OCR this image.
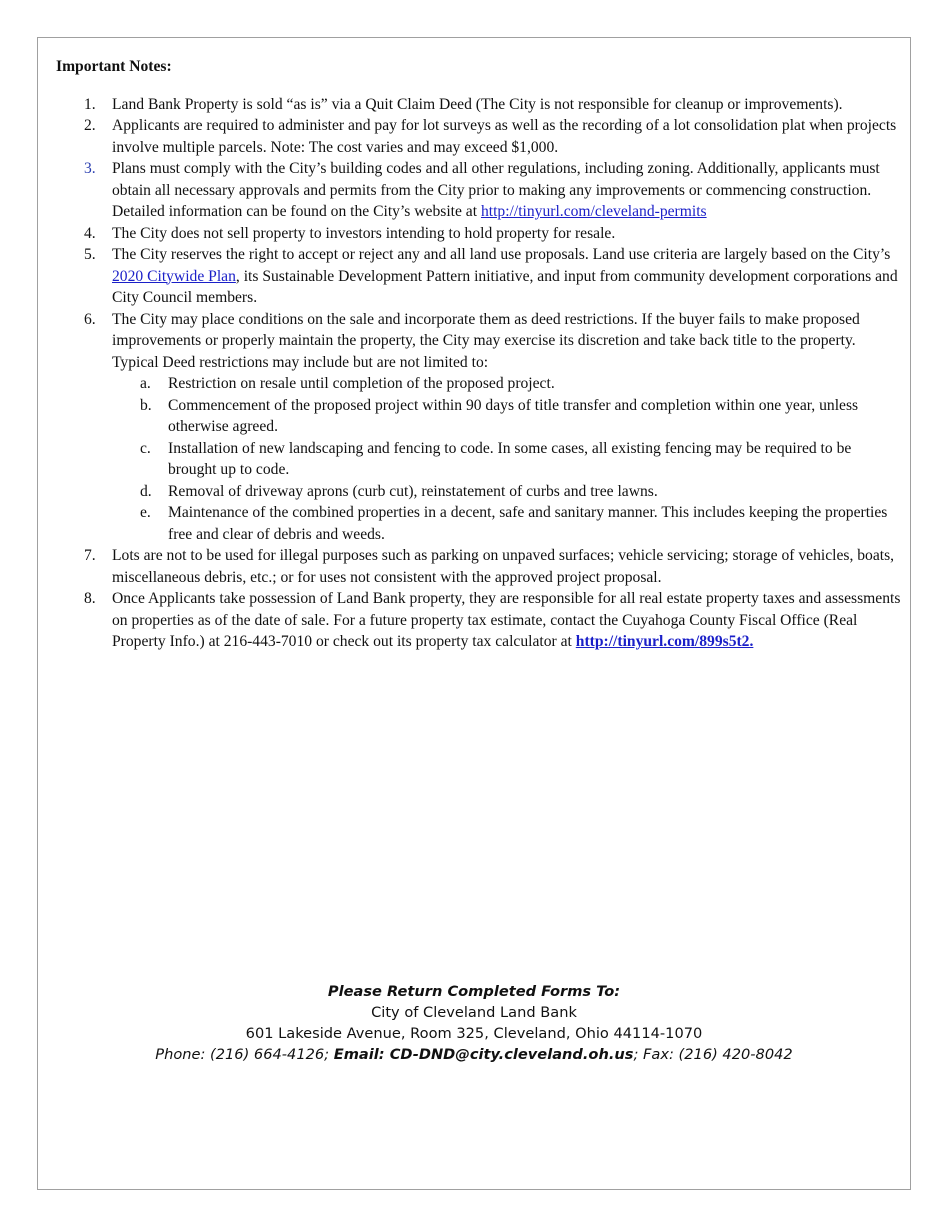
Important Notes:
1. Land Bank Property is sold “as is” via a Quit Claim Deed (The City is not responsible for cleanup or improvements).
2. Applicants are required to administer and pay for lot surveys as well as the recording of a lot consolidation plat when projects involve multiple parcels. Note: The cost varies and may exceed $1,000.
3. Plans must comply with the City’s building codes and all other regulations, including zoning. Additionally, applicants must obtain all necessary approvals and permits from the City prior to making any improvements or commencing construction. Detailed information can be found on the City’s website at http://tinyurl.com/cleveland-permits
4. The City does not sell property to investors intending to hold property for resale.
5. The City reserves the right to accept or reject any and all land use proposals. Land use criteria are largely based on the City’s 2020 Citywide Plan, its Sustainable Development Pattern initiative, and input from community development corporations and City Council members.
6. The City may place conditions on the sale and incorporate them as deed restrictions. If the buyer fails to make proposed improvements or properly maintain the property, the City may exercise its discretion and take back title to the property. Typical Deed restrictions may include but are not limited to:
a. Restriction on resale until completion of the proposed project.
b. Commencement of the proposed project within 90 days of title transfer and completion within one year, unless otherwise agreed.
c. Installation of new landscaping and fencing to code. In some cases, all existing fencing may be required to be brought up to code.
d. Removal of driveway aprons (curb cut), reinstatement of curbs and tree lawns.
e. Maintenance of the combined properties in a decent, safe and sanitary manner. This includes keeping the properties free and clear of debris and weeds.
7. Lots are not to be used for illegal purposes such as parking on unpaved surfaces; vehicle servicing; storage of vehicles, boats, miscellaneous debris, etc.; or for uses not consistent with the approved project proposal.
8. Once Applicants take possession of Land Bank property, they are responsible for all real estate property taxes and assessments on properties as of the date of sale. For a future property tax estimate, contact the Cuyahoga County Fiscal Office (Real Property Info.) at 216-443-7010 or check out its property tax calculator at http://tinyurl.com/899s5t2.
Please Return Completed Forms To:
City of Cleveland Land Bank
601 Lakeside Avenue, Room 325, Cleveland, Ohio 44114-1070
Phone: (216) 664-4126; Email: CD-DND@city.cleveland.oh.us; Fax: (216) 420-8042
